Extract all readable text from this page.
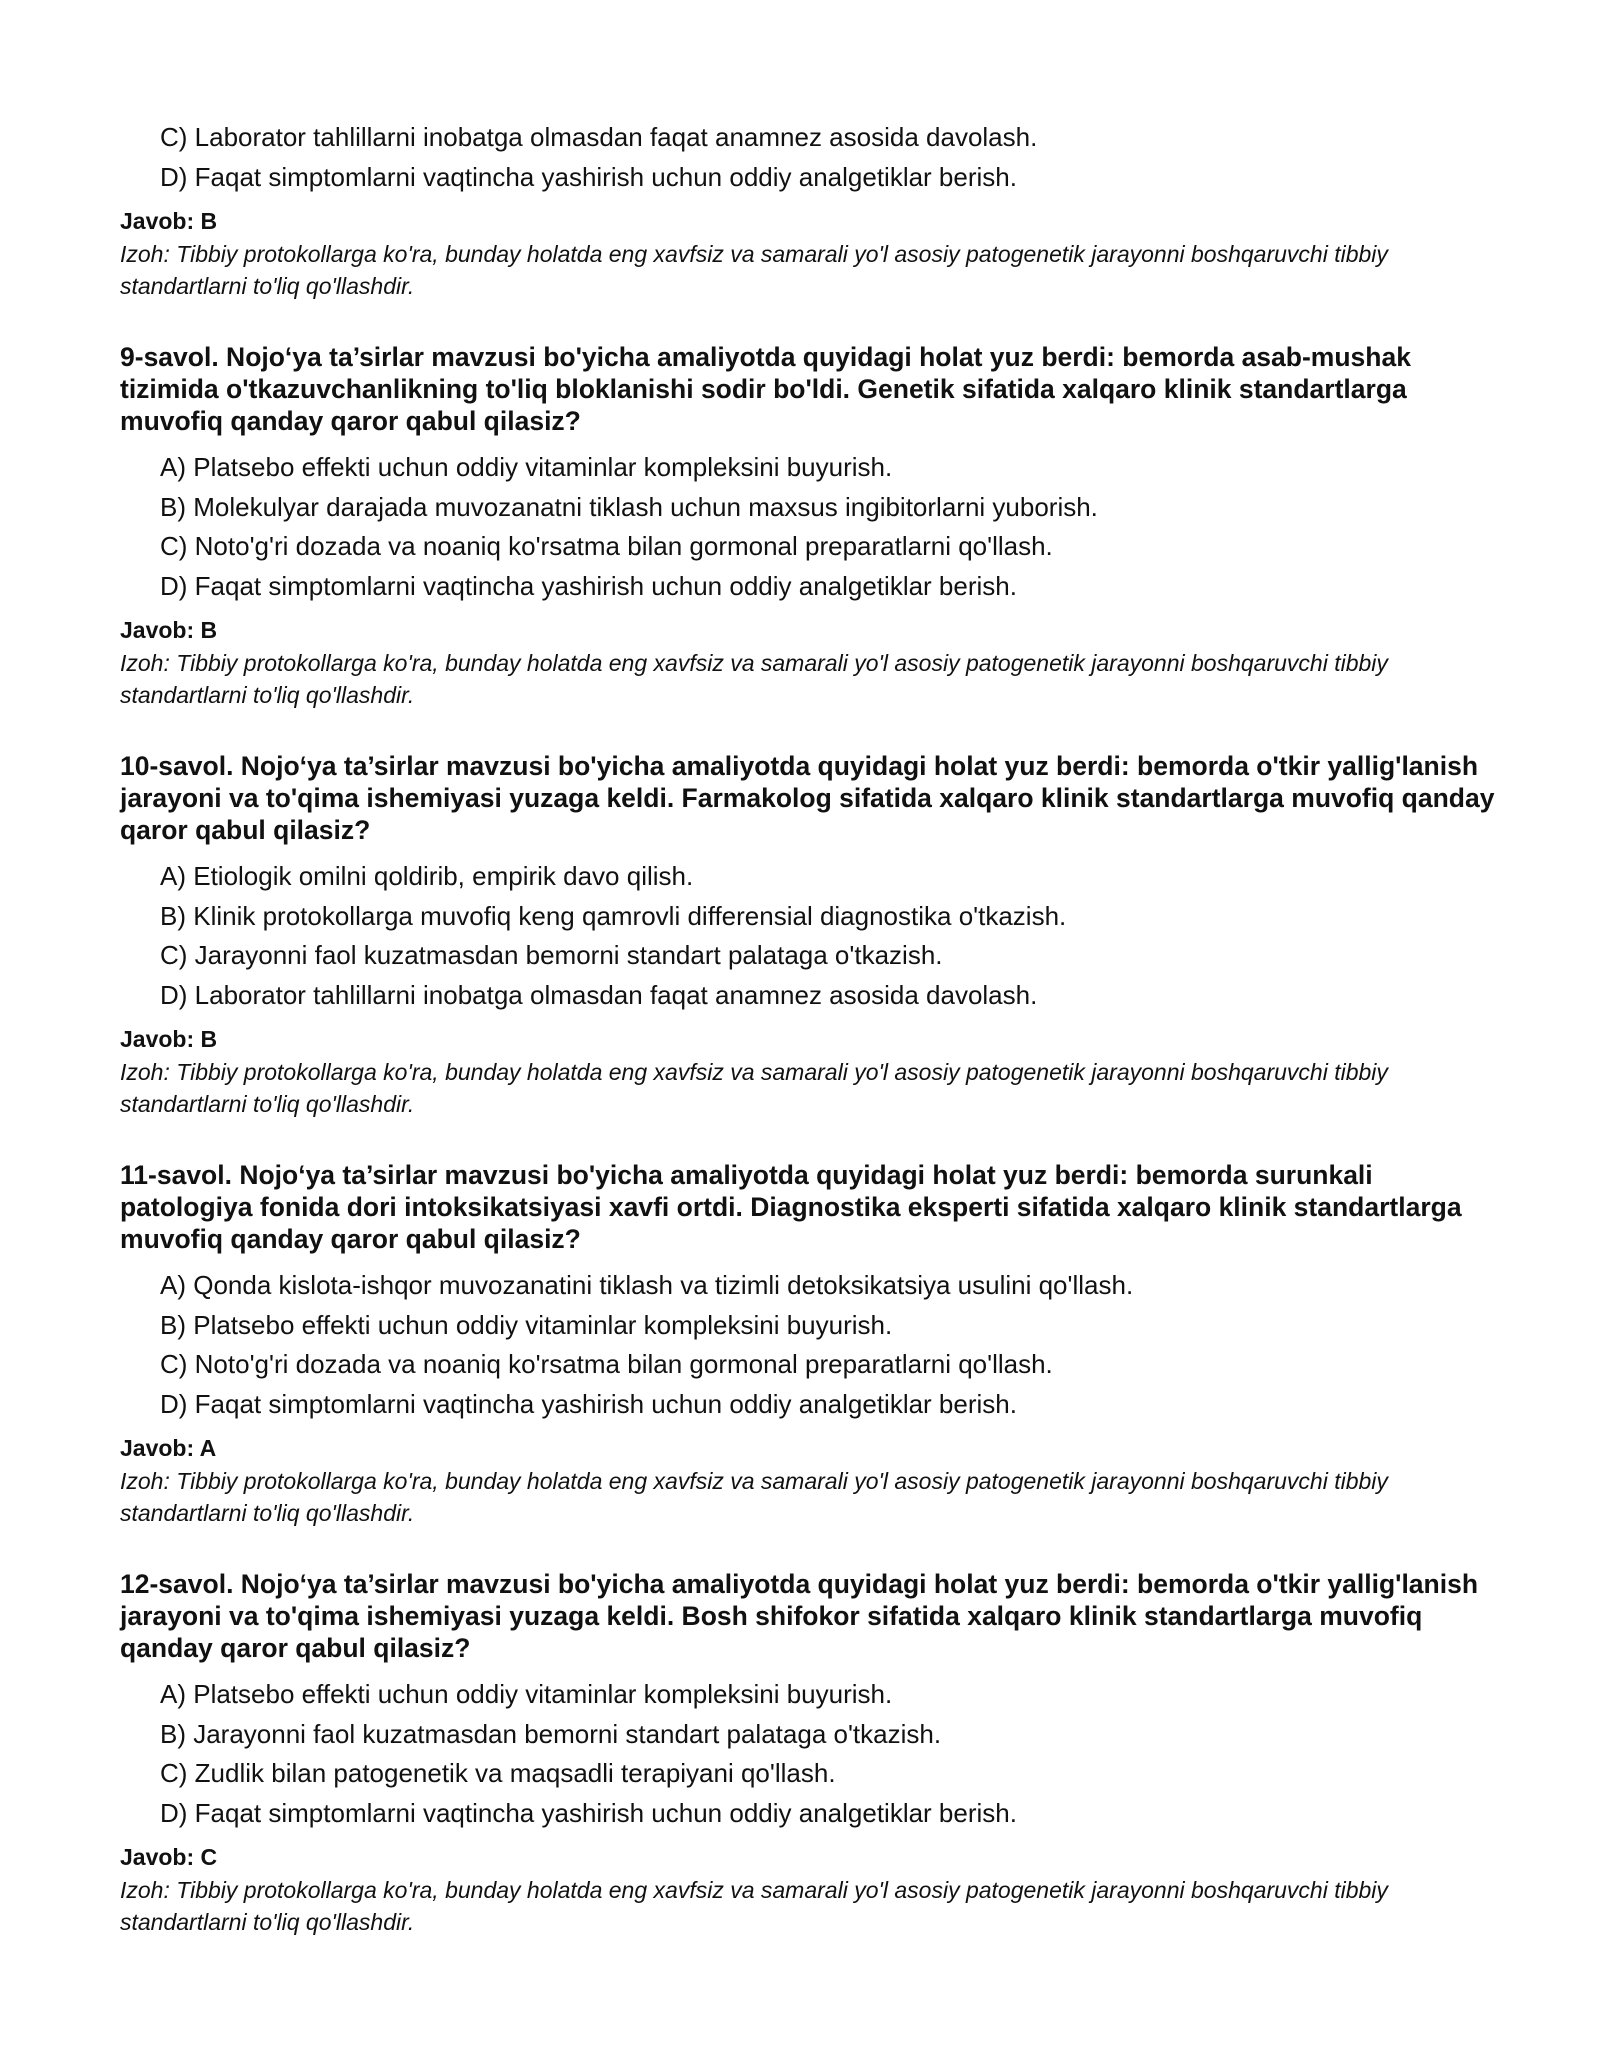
C) Laborator tahlillarni inobatga olmasdan faqat anamnez asosida davolash.
D) Faqat simptomlarni vaqtincha yashirish uchun oddiy analgetiklar berish.
Javob: B

Izoh: Tibbiy protokollarga ko'ra, bunday holatda eng xavfsiz va samarali yo'l asosiy patogenetik jarayonni boshqaruvchi tibbiy standartlarni to'liq qo'llashdir.

9-savol. Nojo‘ya ta’sirlar mavzusi bo'yicha amaliyotda quyidagi holat yuz berdi: bemorda asab-mushak tizimida o'tkazuvchanlikning to'liq bloklanishi sodir bo'ldi. Genetik sifatida xalqaro klinik standartlarga muvofiq qanday qaror qabul qilasiz?
A) Platsebo effekti uchun oddiy vitaminlar kompleksini buyurish.
B) Molekulyar darajada muvozanatni tiklash uchun maxsus ingibitorlarni yuborish.
C) Noto'g'ri dozada va noaniq ko'rsatma bilan gormonal preparatlarni qo'llash.
D) Faqat simptomlarni vaqtincha yashirish uchun oddiy analgetiklar berish.
Javob: B

Izoh: Tibbiy protokollarga ko'ra, bunday holatda eng xavfsiz va samarali yo'l asosiy patogenetik jarayonni boshqaruvchi tibbiy standartlarni to'liq qo'llashdir.

10-savol. Nojo‘ya ta’sirlar mavzusi bo'yicha amaliyotda quyidagi holat yuz berdi: bemorda o'tkir yallig'lanish jarayoni va to'qima ishemiyasi yuzaga keldi. Farmakolog sifatida xalqaro klinik standartlarga muvofiq qanday qaror qabul qilasiz?
A) Etiologik omilni qoldirib, empirik davo qilish.
B) Klinik protokollarga muvofiq keng qamrovli differensial diagnostika o'tkazish.
C) Jarayonni faol kuzatmasdan bemorni standart palataga o'tkazish.
D) Laborator tahlillarni inobatga olmasdan faqat anamnez asosida davolash.
Javob: B

Izoh: Tibbiy protokollarga ko'ra, bunday holatda eng xavfsiz va samarali yo'l asosiy patogenetik jarayonni boshqaruvchi tibbiy standartlarni to'liq qo'llashdir.

11-savol. Nojo‘ya ta’sirlar mavzusi bo'yicha amaliyotda quyidagi holat yuz berdi: bemorda surunkali patologiya fonida dori intoksikatsiyasi xavfi ortdi. Diagnostika eksperti sifatida xalqaro klinik standartlarga muvofiq qanday qaror qabul qilasiz?
A) Qonda kislota-ishqor muvozanatini tiklash va tizimli detoksikatsiya usulini qo'llash.
B) Platsebo effekti uchun oddiy vitaminlar kompleksini buyurish.
C) Noto'g'ri dozada va noaniq ko'rsatma bilan gormonal preparatlarni qo'llash.
D) Faqat simptomlarni vaqtincha yashirish uchun oddiy analgetiklar berish.
Javob: A

Izoh: Tibbiy protokollarga ko'ra, bunday holatda eng xavfsiz va samarali yo'l asosiy patogenetik jarayonni boshqaruvchi tibbiy standartlarni to'liq qo'llashdir.

12-savol. Nojo‘ya ta’sirlar mavzusi bo'yicha amaliyotda quyidagi holat yuz berdi: bemorda o'tkir yallig'lanish jarayoni va to'qima ishemiyasi yuzaga keldi. Bosh shifokor sifatida xalqaro klinik standartlarga muvofiq qanday qaror qabul qilasiz?
A) Platsebo effekti uchun oddiy vitaminlar kompleksini buyurish.
B) Jarayonni faol kuzatmasdan bemorni standart palataga o'tkazish.
C) Zudlik bilan patogenetik va maqsadli terapiyani qo'llash.
D) Faqat simptomlarni vaqtincha yashirish uchun oddiy analgetiklar berish.
Javob: C

Izoh: Tibbiy protokollarga ko'ra, bunday holatda eng xavfsiz va samarali yo'l asosiy patogenetik jarayonni boshqaruvchi tibbiy standartlarni to'liq qo'llashdir.
